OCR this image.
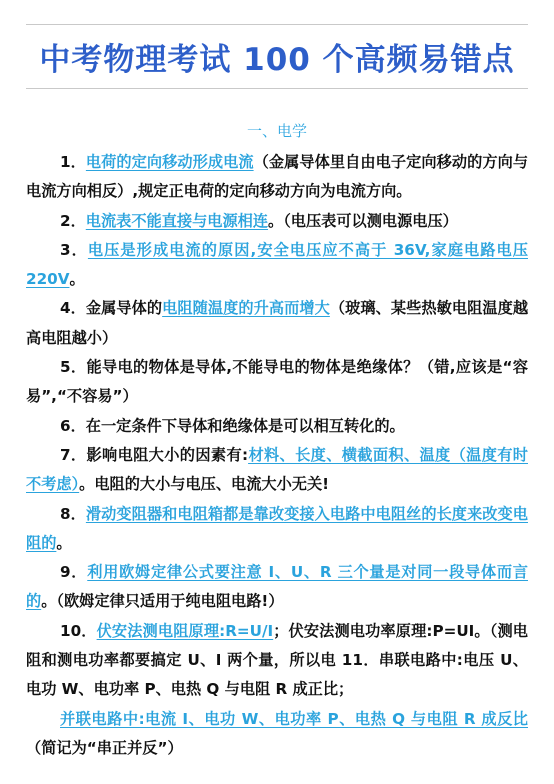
中考物理考试 100 个高频易错点
一、电学

1．电荷的定向移动形成电流（金属导体里自由电子定向移动的方向与电流方向相反）,规定正电荷的定向移动方向为电流方向。

2．电流表不能直接与电源相连。（电压表可以测电源电压）

3．电压是形成电流的原因,安全电压应不高于 36V,家庭电路电压 220V。

4．金属导体的电阻随温度的升高而增大（玻璃、某些热敏电阻温度越高电阻越小）

5．能导电的物体是导体,不能导电的物体是绝缘体？（错,应该是“容易”,“不容易”）

6．在一定条件下导体和绝缘体是可以相互转化的。

7．影响电阻大小的因素有:材料、长度、横截面积、温度（温度有时不考虑）。电阻的大小与电压、电流大小无关!

8．滑动变阻器和电阻箱都是靠改变接入电路中电阻丝的长度来改变电阻的。

9．利用欧姆定律公式要注意 I、U、R 三个量是对同一段导体而言的。（欧姆定律只适用于纯电阻电路!）

10．伏安法测电阻原理:R=U/I；伏安法测电功率原理:P=UI。（测电阻和测电功率都要搞定 U、I 两个量，所以电 11．串联电路中:电压 U、电功 W、电功率 P、电热 Q 与电阻 R 成正比；

并联电路中:电流 I、电功 W、电功率 P、电热 Q 与电阻 R 成反比（简记为“串正并反”）
